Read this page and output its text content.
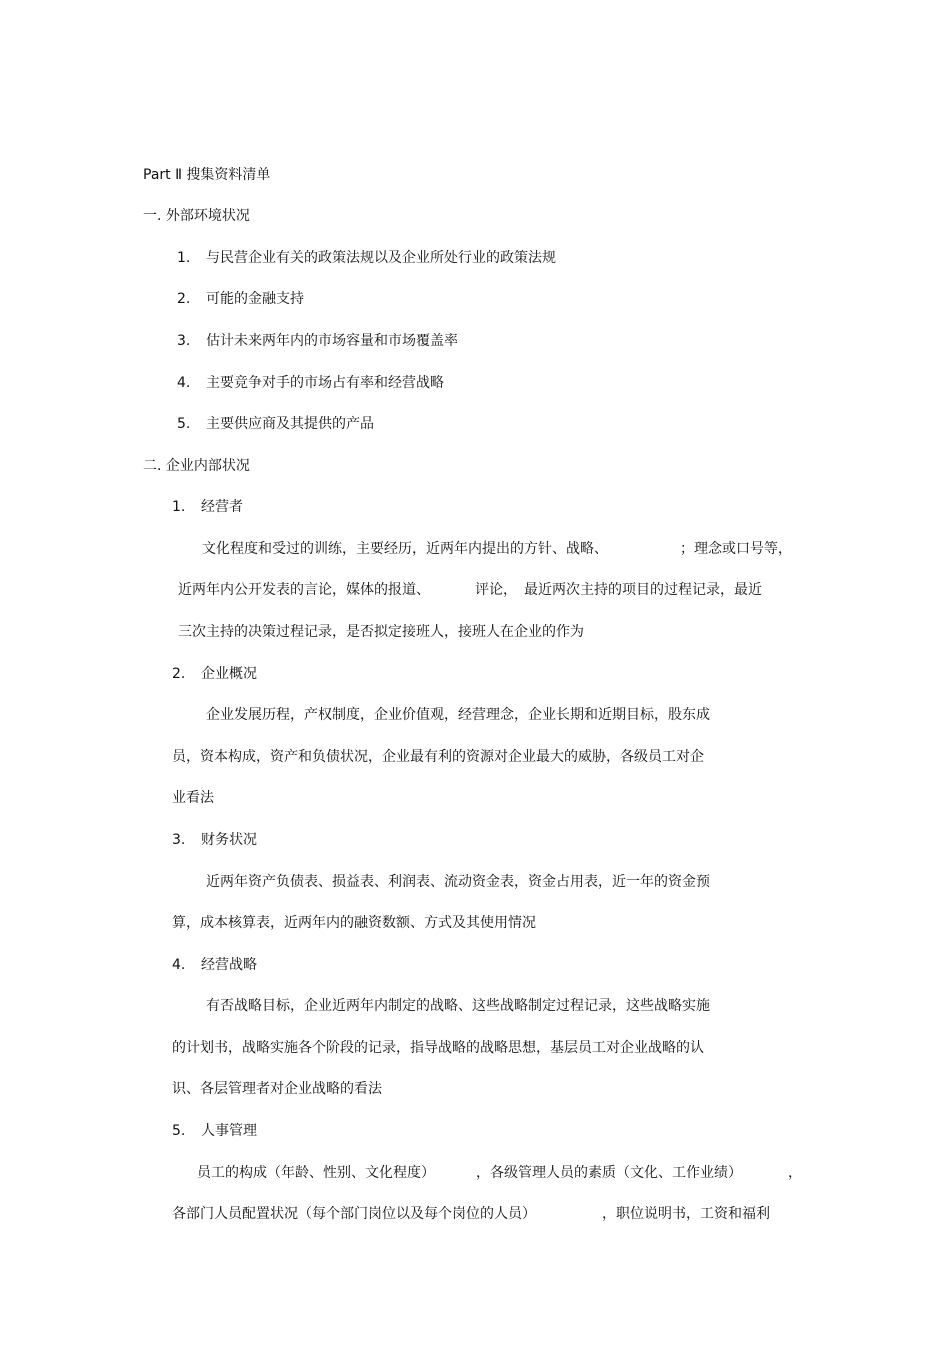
Part Ⅱ 搜集资料清单
一. 外部环境状况
1. 与民营企业有关的政策法规以及企业所处行业的政策法规
2. 可能的金融支持
3. 估计未来两年内的市场容量和市场覆盖率
4. 主要竞争对手的市场占有率和经营战略
5. 主要供应商及其提供的产品
二. 企业内部状况
1. 经营者
文化程度和受过的训练，主要经历，近两年内提出的方针、战略、	；理念或口号等，
近两年内公开发表的言论，媒体的报道、	评论， 最近两次主持的项目的过程记录，最近
三次主持的决策过程记录，是否拟定接班人，接班人在企业的作为
2. 企业概况
企业发展历程，产权制度，企业价值观，经营理念，企业长期和近期目标，股东成
员，资本构成，资产和负债状况，企业最有利的资源对企业最大的威胁，各级员工对企
业看法
3. 财务状况
近两年资产负债表、损益表、利润表、流动资金表，资金占用表，近一年的资金预
算，成本核算表，近两年内的融资数额、方式及其使用情况
4. 经营战略
有否战略目标，企业近两年内制定的战略、这些战略制定过程记录，这些战略实施
的计划书，战略实施各个阶段的记录，指导战略的战略思想，基层员工对企业战略的认
识、各层管理者对企业战略的看法
5. 人事管理
员工的构成（年龄、性别、文化程度）	，各级管理人员的素质（文化、工作业绩）	，
各部门人员配置状况（每个部门岗位以及每个岗位的人员）	，职位说明书，工资和福利
